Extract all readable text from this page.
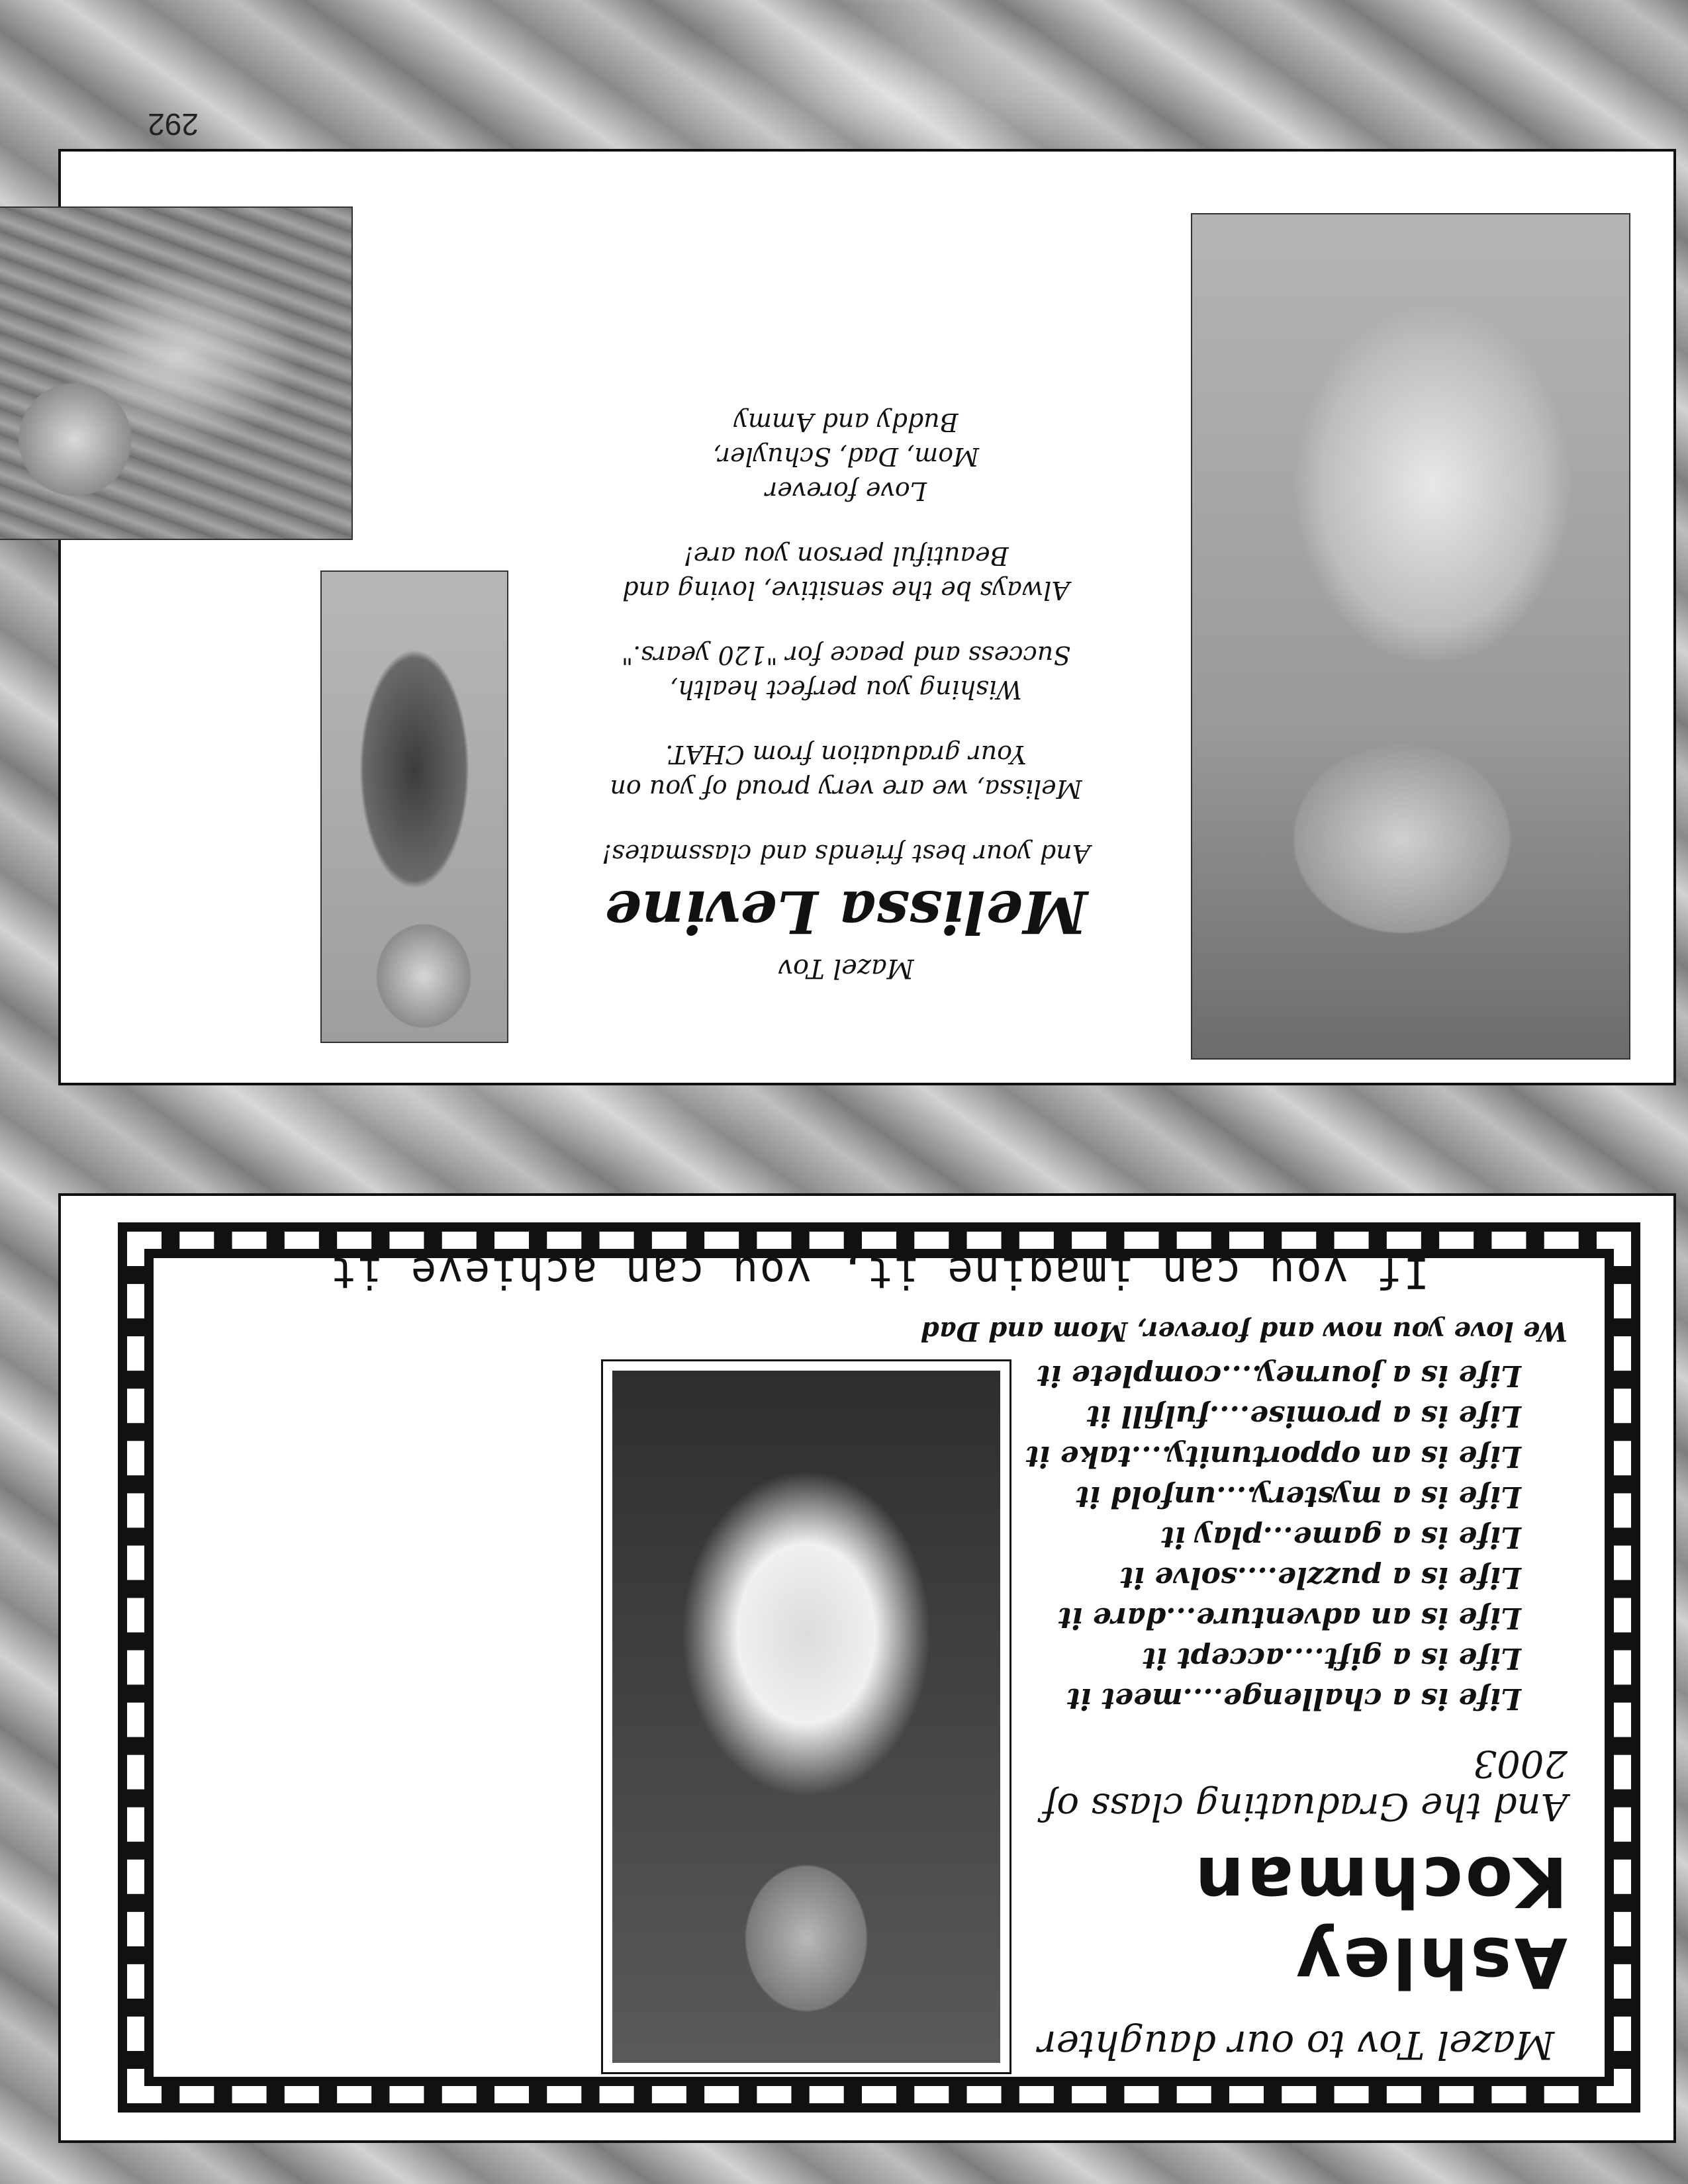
292

Mazel Tov to our daughter

Ashley Kochman

And the Graduating class of 2003

Life is a challenge....meet it

Life is a gift....accept it

Life is an adventure...dare it

Life is a puzzle....solve it

Life is a game...play it

Life is a mystery....unfold it

Life is an opportunity....take it

Life is a promise....fulfill it

Life is a journey....complete it

We love you now and forever, Mom and Dad

If you can imagine it, you can achieve it

Mazel Tov

Melissa Levine

And your best friends and classmates!

Melissa, we are very proud of you on

Your graduation from CHAT.

Wishing you perfect health,

Success and peace for "120 years."

Always be the sensitive, loving and

Beautiful person you are!

Love forever

Mom, Dad, Schuyler,

Buddy and Ammy
